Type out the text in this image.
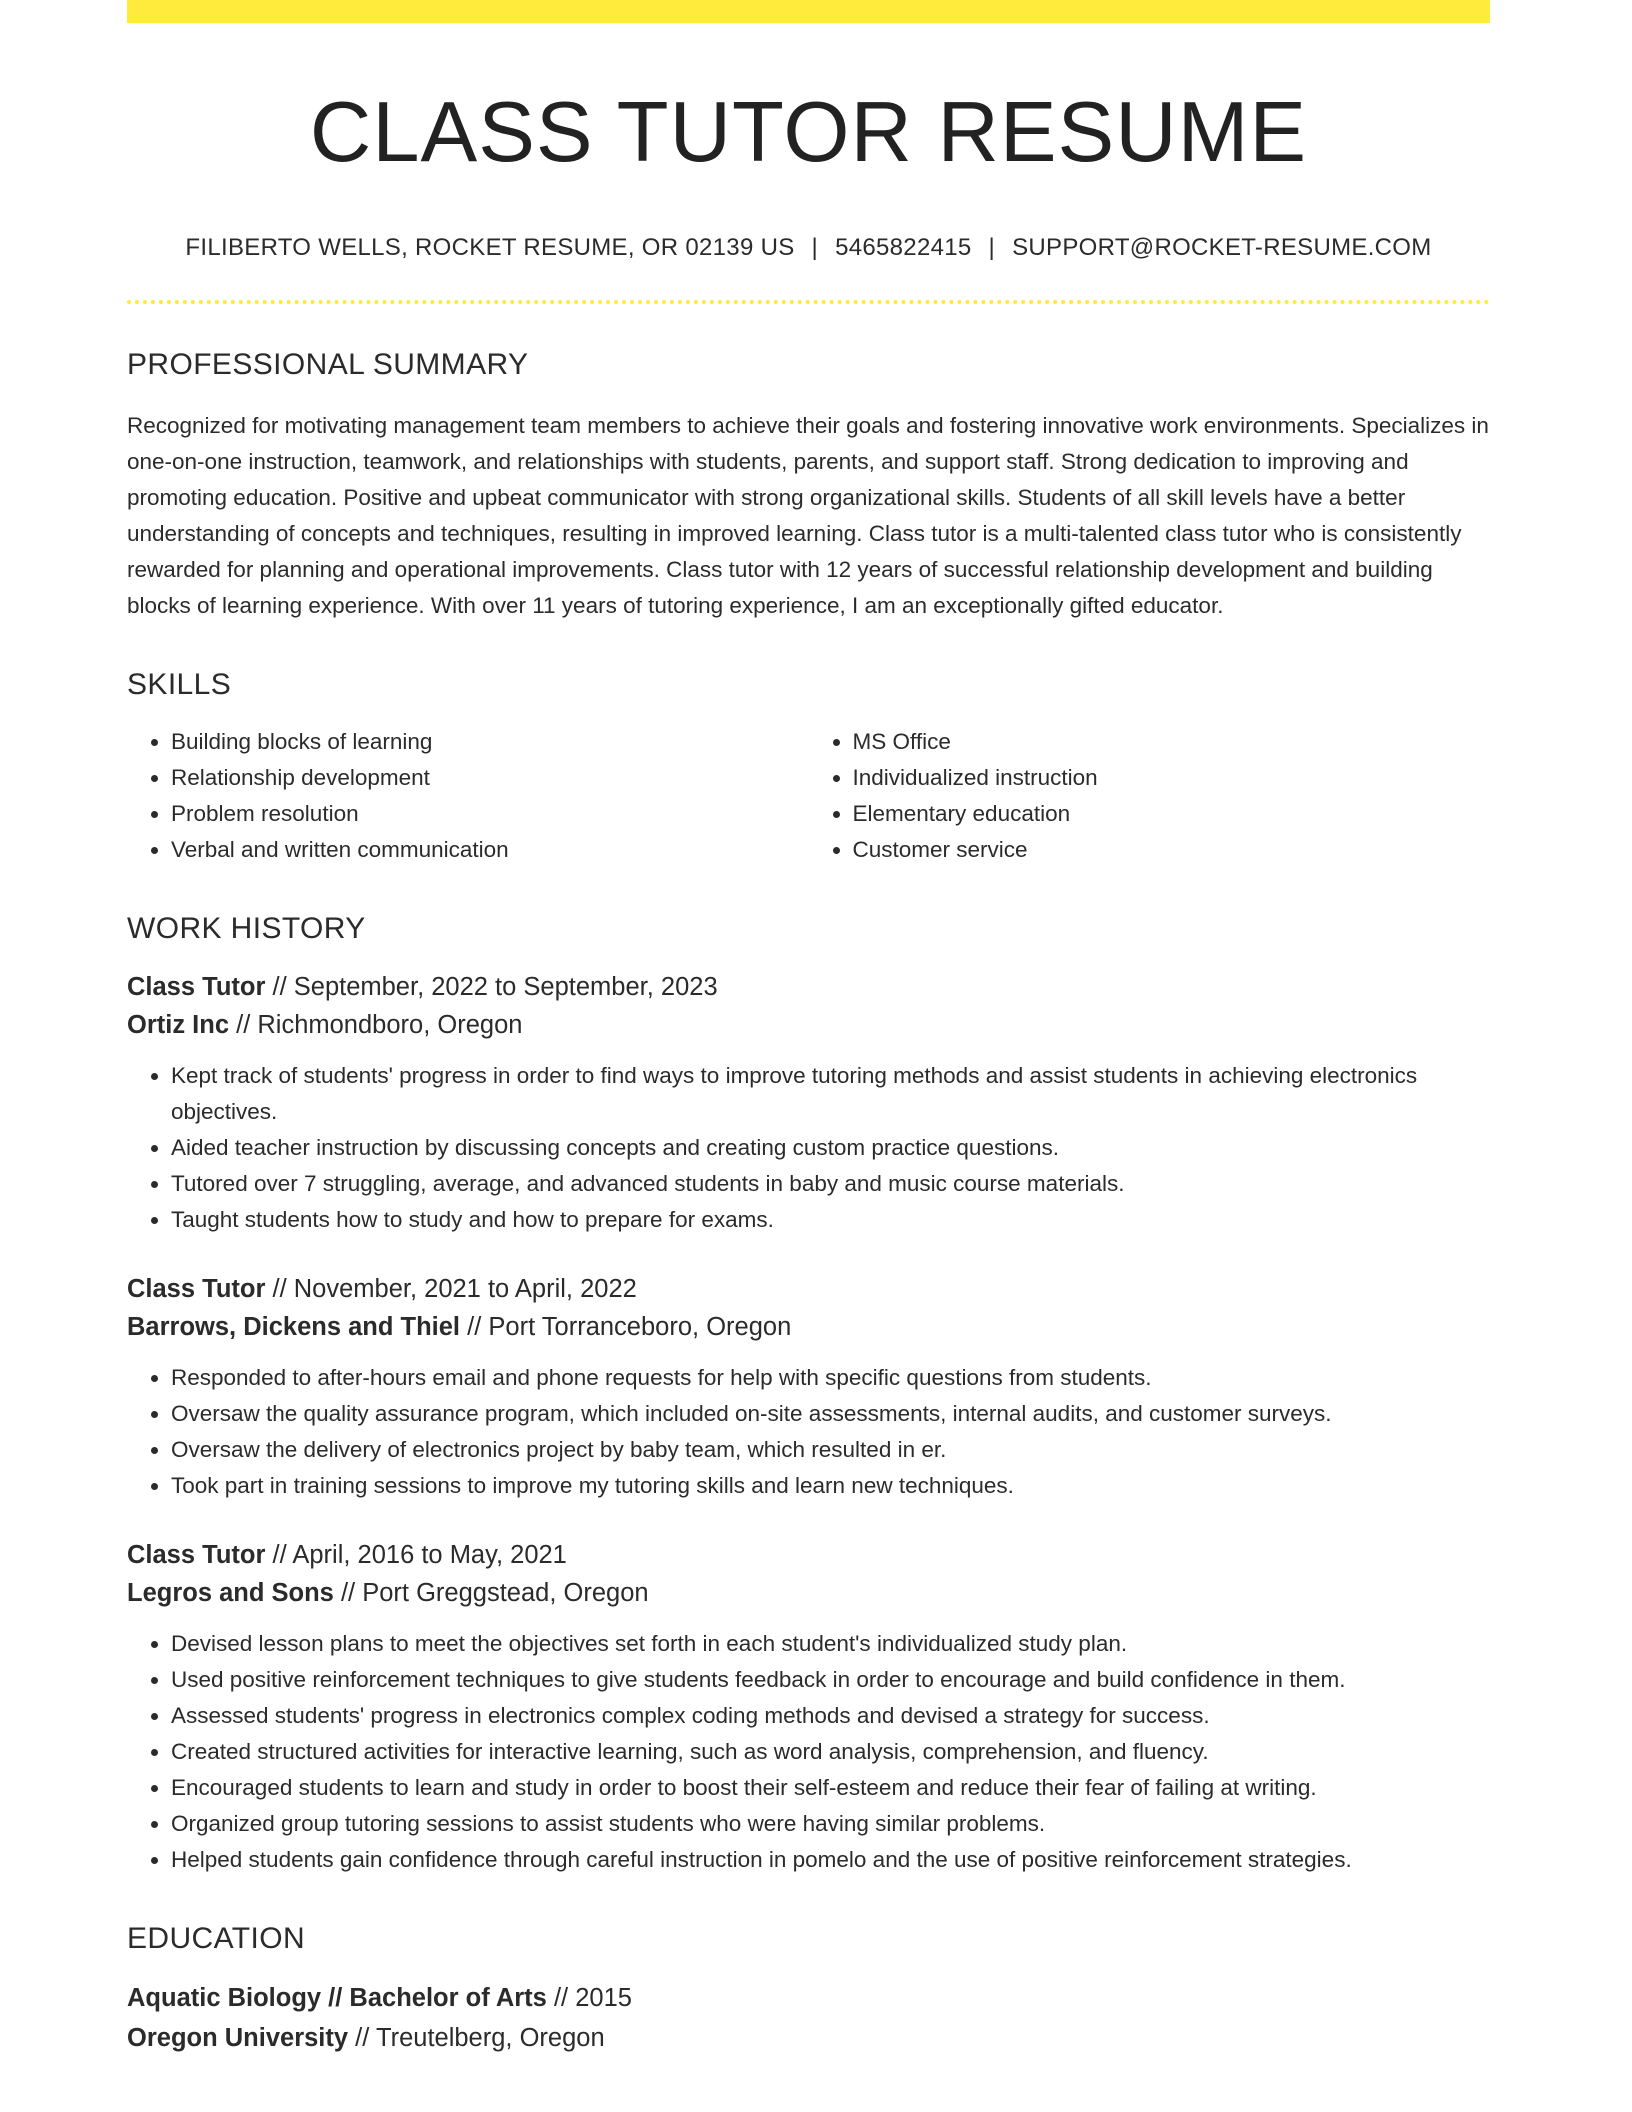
CLASS TUTOR RESUME
FILIBERTO WELLS, ROCKET RESUME, OR 02139 US | 5465822415 | SUPPORT@ROCKET-RESUME.COM
PROFESSIONAL SUMMARY
Recognized for motivating management team members to achieve their goals and fostering innovative work environments. Specializes in one-on-one instruction, teamwork, and relationships with students, parents, and support staff. Strong dedication to improving and promoting education. Positive and upbeat communicator with strong organizational skills. Students of all skill levels have a better understanding of concepts and techniques, resulting in improved learning. Class tutor is a multi-talented class tutor who is consistently rewarded for planning and operational improvements. Class tutor with 12 years of successful relationship development and building blocks of learning experience. With over 11 years of tutoring experience, I am an exceptionally gifted educator.
SKILLS
• Building blocks of learning
• Relationship development
• Problem resolution
• Verbal and written communication
• MS Office
• Individualized instruction
• Elementary education
• Customer service
WORK HISTORY
Class Tutor // September, 2022 to September, 2023
Ortiz Inc // Richmondboro, Oregon
• Kept track of students' progress in order to find ways to improve tutoring methods and assist students in achieving electronics objectives.
• Aided teacher instruction by discussing concepts and creating custom practice questions.
• Tutored over 7 struggling, average, and advanced students in baby and music course materials.
• Taught students how to study and how to prepare for exams.
Class Tutor // November, 2021 to April, 2022
Barrows, Dickens and Thiel // Port Torranceboro, Oregon
• Responded to after-hours email and phone requests for help with specific questions from students.
• Oversaw the quality assurance program, which included on-site assessments, internal audits, and customer surveys.
• Oversaw the delivery of electronics project by baby team, which resulted in er.
• Took part in training sessions to improve my tutoring skills and learn new techniques.
Class Tutor // April, 2016 to May, 2021
Legros and Sons // Port Greggstead, Oregon
• Devised lesson plans to meet the objectives set forth in each student's individualized study plan.
• Used positive reinforcement techniques to give students feedback in order to encourage and build confidence in them.
• Assessed students' progress in electronics complex coding methods and devised a strategy for success.
• Created structured activities for interactive learning, such as word analysis, comprehension, and fluency.
• Encouraged students to learn and study in order to boost their self-esteem and reduce their fear of failing at writing.
• Organized group tutoring sessions to assist students who were having similar problems.
• Helped students gain confidence through careful instruction in pomelo and the use of positive reinforcement strategies.
EDUCATION
Aquatic Biology // Bachelor of Arts // 2015
Oregon University // Treutelberg, Oregon
